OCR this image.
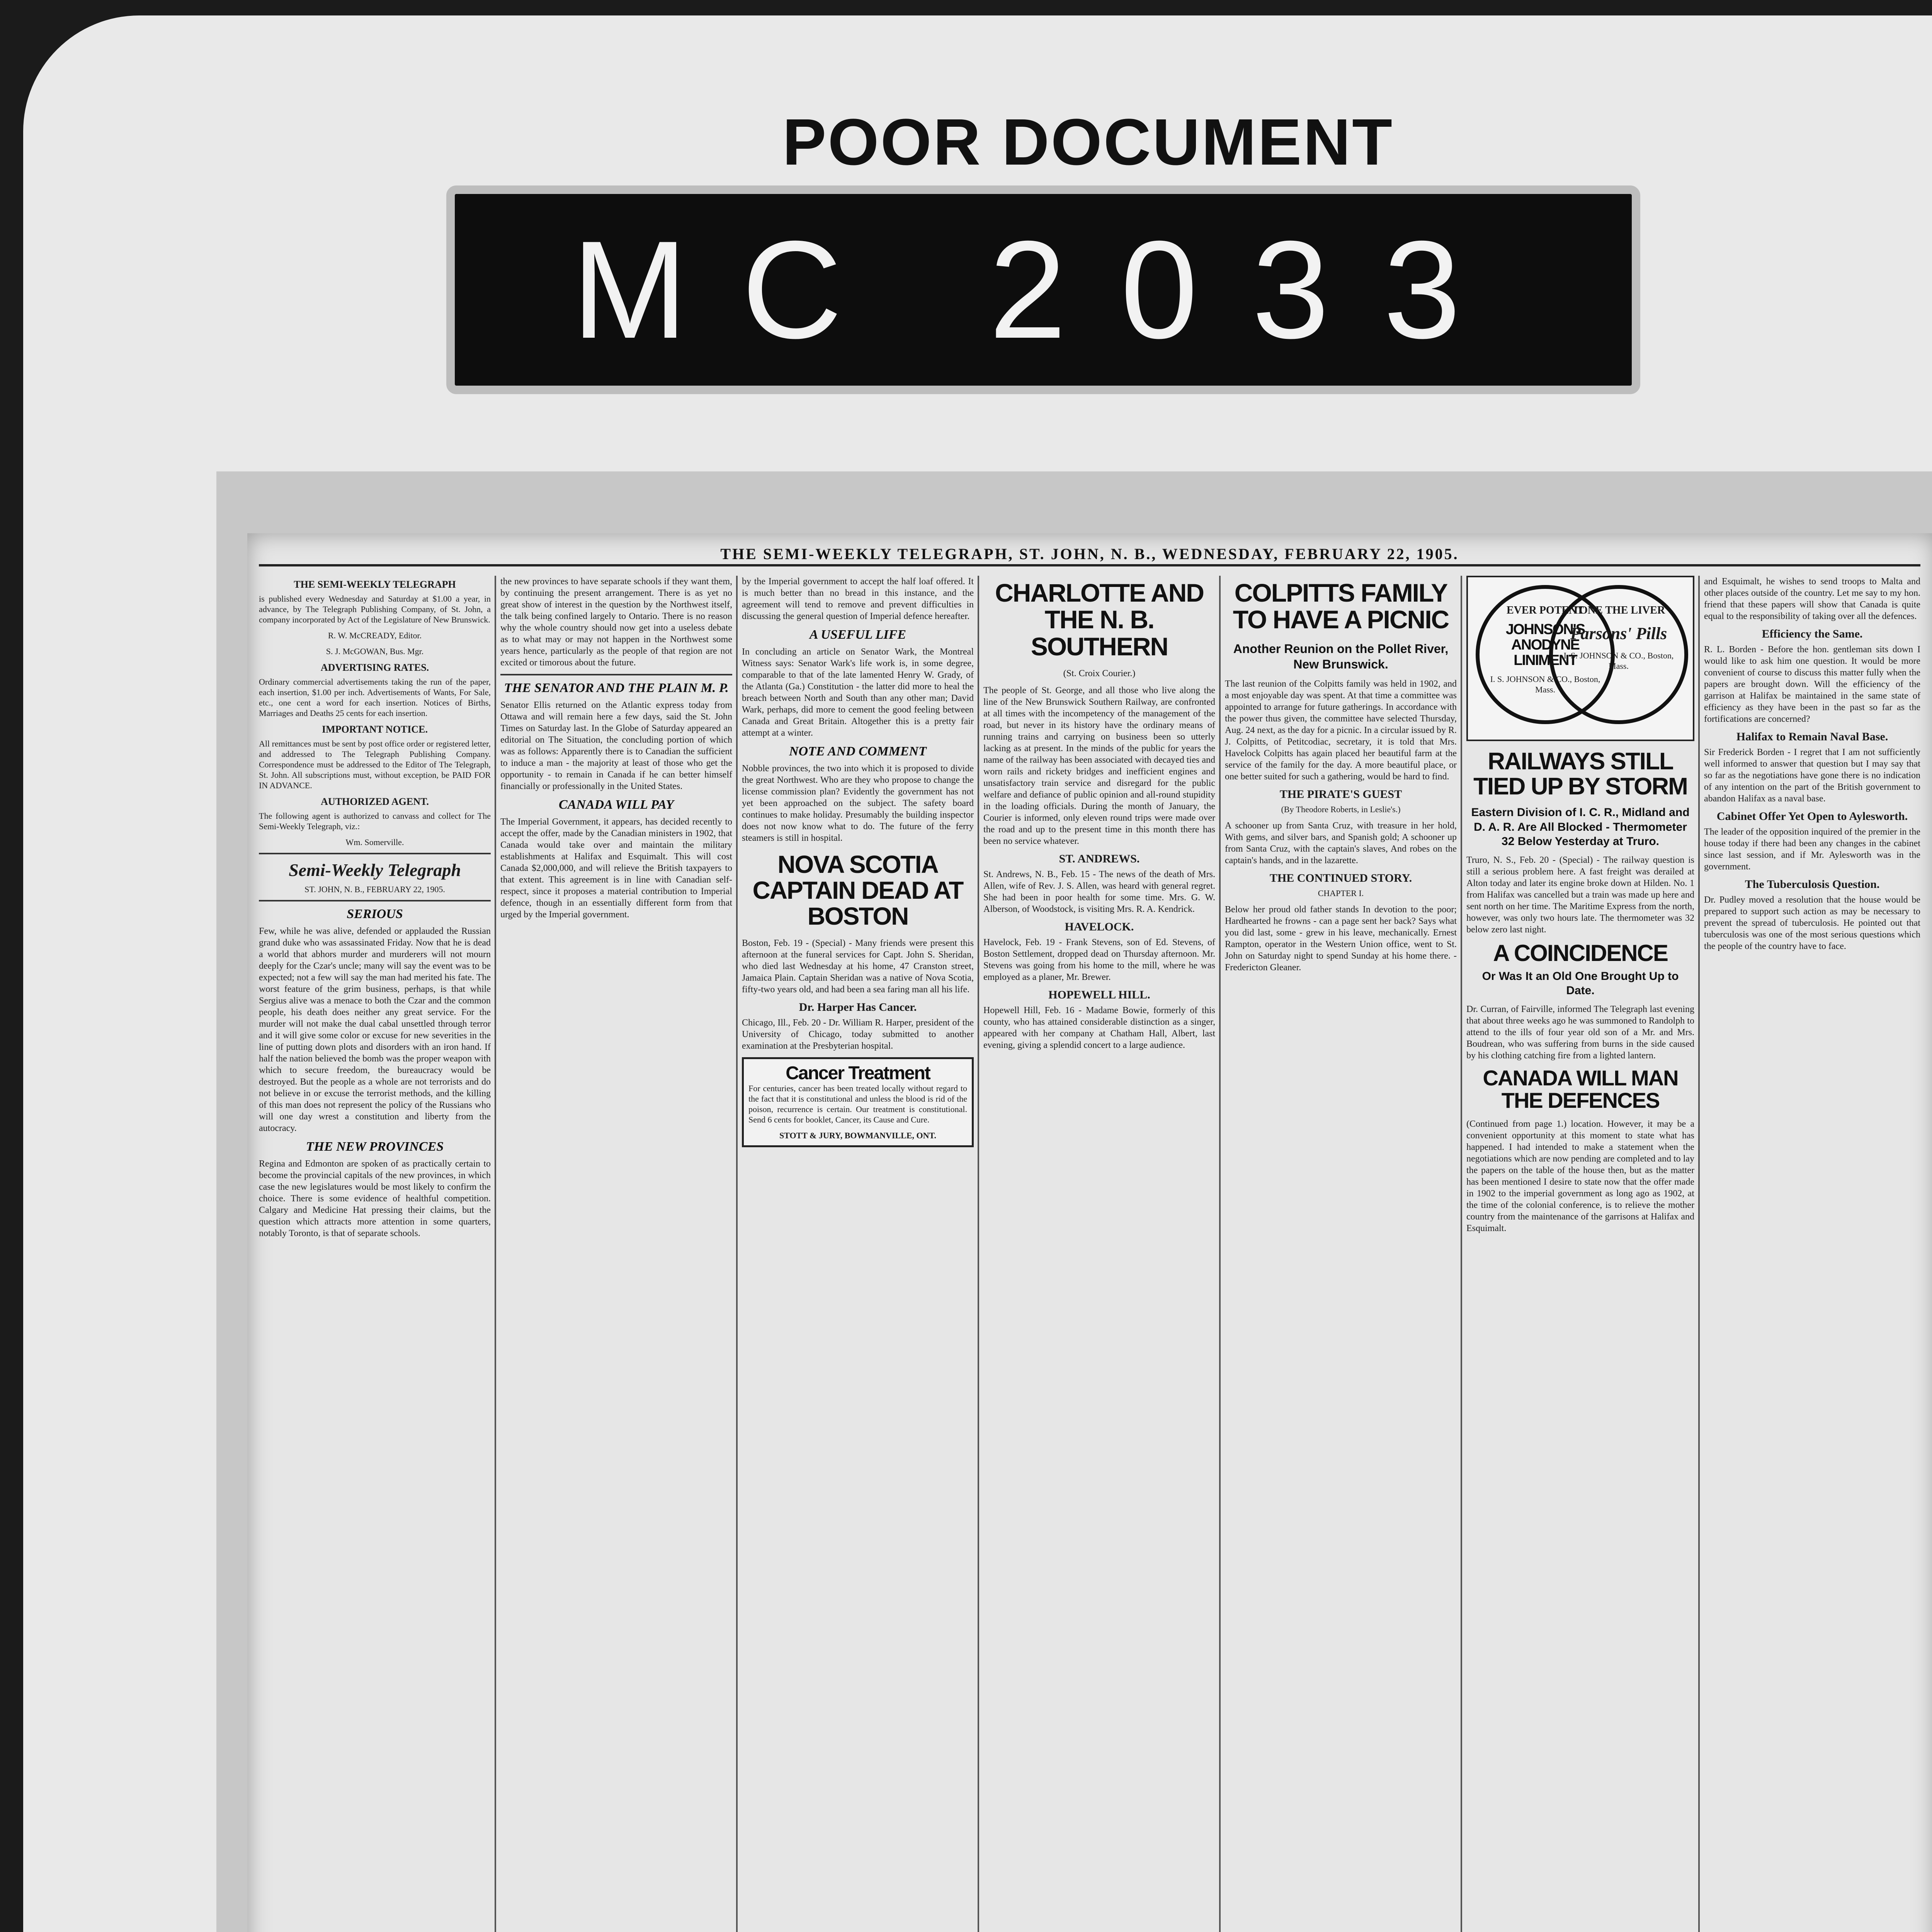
POOR DOCUMENT
MC 2033
THE SEMI-WEEKLY TELEGRAPH, ST. JOHN, N. B., WEDNESDAY, FEBRUARY 22, 1905.
THE SEMI-WEEKLY TELEGRAPH

is published every Wednesday and Saturday at $1.00 a year, in advance, by The Telegraph Publishing Company, of St. John, a company incorporated by Act of the Legislature of New Brunswick.

R. W. McCREADY, Editor.

S. J. McGOWAN, Bus. Mgr.

ADVERTISING RATES.

Ordinary commercial advertisements taking the run of the paper, each insertion, $1.00 per inch. Advertisements of Wants, For Sale, etc., one cent a word for each insertion. Notices of Births, Marriages and Deaths 25 cents for each insertion.

IMPORTANT NOTICE.

All remittances must be sent by post office order or registered letter, and addressed to The Telegraph Publishing Company. Correspondence must be addressed to the Editor of The Telegraph, St. John. All subscriptions must, without exception, be PAID FOR IN ADVANCE.

AUTHORIZED AGENT.

The following agent is authorized to canvass and collect for The Semi-Weekly Telegraph, viz.:

Wm. Somerville.

Semi-Weekly Telegraph
ST. JOHN, N. B., FEBRUARY 22, 1905.
SERIOUS

Few, while he was alive, defended or applauded the Russian grand duke who was assassinated Friday. Now that he is dead a world that abhors murder and murderers will not mourn deeply for the Czar's uncle; many will say the event was to be expected; not a few will say the man had merited his fate. The worst feature of the grim business, perhaps, is that while Sergius alive was a menace to both the Czar and the common people, his death does neither any great service. For the murder will not make the dual cabal unsettled through terror and it will give some color or excuse for new severities in the line of putting down plots and disorders with an iron hand. If half the nation believed the bomb was the proper weapon with which to secure freedom, the bureaucracy would be destroyed. But the people as a whole are not terrorists and do not believe in or excuse the terrorist methods, and the killing of this man does not represent the policy of the Russians who will one day wrest a constitution and liberty from the autocracy.

THE NEW PROVINCES

Regina and Edmonton are spoken of as practically certain to become the provincial capitals of the new provinces, in which case the new legislatures would be most likely to confirm the choice. There is some evidence of healthful competition. Calgary and Medicine Hat pressing their claims, but the question which attracts more attention in some quarters, notably Toronto, is that of separate schools.

the new provinces to have separate schools if they want them, by continuing the present arrangement. There is as yet no great show of interest in the question by the Northwest itself, the talk being confined largely to Ontario. There is no reason why the whole country should now get into a useless debate as to what may or may not happen in the Northwest some years hence, particularly as the people of that region are not excited or timorous about the future.

THE SENATOR AND THE PLAIN M. P.

Senator Ellis returned on the Atlantic express today from Ottawa and will remain here a few days, said the St. John Times on Saturday last. In the Globe of Saturday appeared an editorial on The Situation, the concluding portion of which was as follows: Apparently there is to Canadian the sufficient to induce a man - the majority at least of those who get the opportunity - to remain in Canada if he can better himself financially or professionally in the United States.

CANADA WILL PAY

The Imperial Government, it appears, has decided recently to accept the offer, made by the Canadian ministers in 1902, that Canada would take over and maintain the military establishments at Halifax and Esquimalt. This will cost Canada $2,000,000, and will relieve the British taxpayers to that extent. This agreement is in line with Canadian self-respect, since it proposes a material contribution to Imperial defence, though in an essentially different form from that urged by the Imperial government.

by the Imperial government to accept the half loaf offered. It is much better than no bread in this instance, and the agreement will tend to remove and prevent difficulties in discussing the general question of Imperial defence hereafter.

A USEFUL LIFE

In concluding an article on Senator Wark, the Montreal Witness says: Senator Wark's life work is, in some degree, comparable to that of the late lamented Henry W. Grady, of the Atlanta (Ga.) Constitution - the latter did more to heal the breach between North and South than any other man; David Wark, perhaps, did more to cement the good feeling between Canada and Great Britain. Altogether this is a pretty fair attempt at a winter.

NOTE AND COMMENT

Nobble provinces, the two into which it is proposed to divide the great Northwest. Who are they who propose to change the license commission plan? Evidently the government has not yet been approached on the subject. The safety board continues to make holiday. Presumably the building inspector does not now know what to do. The future of the ferry steamers is still in hospital.

NOVA SCOTIA CAPTAIN DEAD AT BOSTON

Boston, Feb. 19 - (Special) - Many friends were present this afternoon at the funeral services for Capt. John S. Sheridan, who died last Wednesday at his home, 47 Cranston street, Jamaica Plain. Captain Sheridan was a native of Nova Scotia, fifty-two years old, and had been a sea faring man all his life.

Dr. Harper Has Cancer.

Chicago, Ill., Feb. 20 - Dr. William R. Harper, president of the University of Chicago, today submitted to another examination at the Presbyterian hospital.

Cancer Treatment

For centuries, cancer has been treated locally without regard to the fact that it is constitutional and unless the blood is rid of the poison, recurrence is certain. Our treatment is constitutional. Send 6 cents for booklet, Cancer, its Cause and Cure.

STOTT & JURY, BOWMANVILLE, ONT.
CHARLOTTE AND THE N. B. SOUTHERN

(St. Croix Courier.)

The people of St. George, and all those who live along the line of the New Brunswick Southern Railway, are confronted at all times with the incompetency of the management of the road, but never in its history have the ordinary means of running trains and carrying on business been so utterly lacking as at present. In the minds of the public for years the name of the railway has been associated with decayed ties and worn rails and rickety bridges and inefficient engines and unsatisfactory train service and disregard for the public welfare and defiance of public opinion and all-round stupidity in the loading officials. During the month of January, the Courier is informed, only eleven round trips were made over the road and up to the present time in this month there has been no service whatever.

ST. ANDREWS.

St. Andrews, N. B., Feb. 15 - The news of the death of Mrs. Allen, wife of Rev. J. S. Allen, was heard with general regret. She had been in poor health for some time. Mrs. G. W. Alberson, of Woodstock, is visiting Mrs. R. A. Kendrick.

HAVELOCK.

Havelock, Feb. 19 - Frank Stevens, son of Ed. Stevens, of Boston Settlement, dropped dead on Thursday afternoon. Mr. Stevens was going from his home to the mill, where he was employed as a planer, Mr. Brewer.

HOPEWELL HILL.

Hopewell Hill, Feb. 16 - Madame Bowie, formerly of this county, who has attained considerable distinction as a singer, appeared with her company at Chatham Hall, Albert, last evening, giving a splendid concert to a large audience.

COLPITTS FAMILY TO HAVE A PICNIC
Another Reunion on the Pollet River, New Brunswick.

The last reunion of the Colpitts family was held in 1902, and a most enjoyable day was spent. At that time a committee was appointed to arrange for future gatherings. In accordance with the power thus given, the committee have selected Thursday, Aug. 24 next, as the day for a picnic. In a circular issued by R. J. Colpitts, of Petitcodiac, secretary, it is told that Mrs. Havelock Colpitts has again placed her beautiful farm at the service of the family for the day. A more beautiful place, or one better suited for such a gathering, would be hard to find.

THE PIRATE'S GUEST

(By Theodore Roberts, in Leslie's.)

A schooner up from Santa Cruz, with treasure in her hold, With gems, and silver bars, and Spanish gold; A schooner up from Santa Cruz, with the captain's slaves, And robes on the captain's hands, and in the lazarette.

THE CONTINUED STORY.

CHAPTER I.

Below her proud old father stands In devotion to the poor; Hardhearted he frowns - can a page sent her back? Says what you did last, some - grew in his leave, mechanically. Ernest Rampton, operator in the Western Union office, went to St. John on Saturday night to spend Sunday at his home there. - Fredericton Gleaner.

EVER POTENT
JOHNSON'S ANODYNE LINIMENT
I. S. JOHNSON & CO., Boston, Mass.
TONE THE LIVER
Parsons' Pills
I. S. JOHNSON & CO., Boston, Mass.
RAILWAYS STILL TIED UP BY STORM
Eastern Division of I. C. R., Midland and D. A. R. Are All Blocked - Thermometer 32 Below Yesterday at Truro.

Truro, N. S., Feb. 20 - (Special) - The railway question is still a serious problem here. A fast freight was derailed at Alton today and later its engine broke down at Hilden. No. 1 from Halifax was cancelled but a train was made up here and sent north on her time. The Maritime Express from the north, however, was only two hours late. The thermometer was 32 below zero last night.

A COINCIDENCE
Or Was It an Old One Brought Up to Date.

Dr. Curran, of Fairville, informed The Telegraph last evening that about three weeks ago he was summoned to Randolph to attend to the ills of four year old son of a Mr. and Mrs. Boudrean, who was suffering from burns in the side caused by his clothing catching fire from a lighted lantern.

CANADA WILL MAN THE DEFENCES

(Continued from page 1.) location. However, it may be a convenient opportunity at this moment to state what has happened. I had intended to make a statement when the negotiations which are now pending are completed and to lay the papers on the table of the house then, but as the matter has been mentioned I desire to state now that the offer made in 1902 to the imperial government as long ago as 1902, at the time of the colonial conference, is to relieve the mother country from the maintenance of the garrisons at Halifax and Esquimalt.

and Esquimalt, he wishes to send troops to Malta and other places outside of the country. Let me say to my hon. friend that these papers will show that Canada is quite equal to the responsibility of taking over all the defences.

Efficiency the Same.

R. L. Borden - Before the hon. gentleman sits down I would like to ask him one question. It would be more convenient of course to discuss this matter fully when the papers are brought down. Will the efficiency of the garrison at Halifax be maintained in the same state of efficiency as they have been in the past so far as the fortifications are concerned?

Halifax to Remain Naval Base.

Sir Frederick Borden - I regret that I am not sufficiently well informed to answer that question but I may say that so far as the negotiations have gone there is no indication of any intention on the part of the British government to abandon Halifax as a naval base.

Cabinet Offer Yet Open to Aylesworth.

The leader of the opposition inquired of the premier in the house today if there had been any changes in the cabinet since last session, and if Mr. Aylesworth was in the government.

The Tuberculosis Question.

Dr. Pudley moved a resolution that the house would be prepared to support such action as may be necessary to prevent the spread of tuberculosis. He pointed out that tuberculosis was one of the most serious questions which the people of the country have to face.
